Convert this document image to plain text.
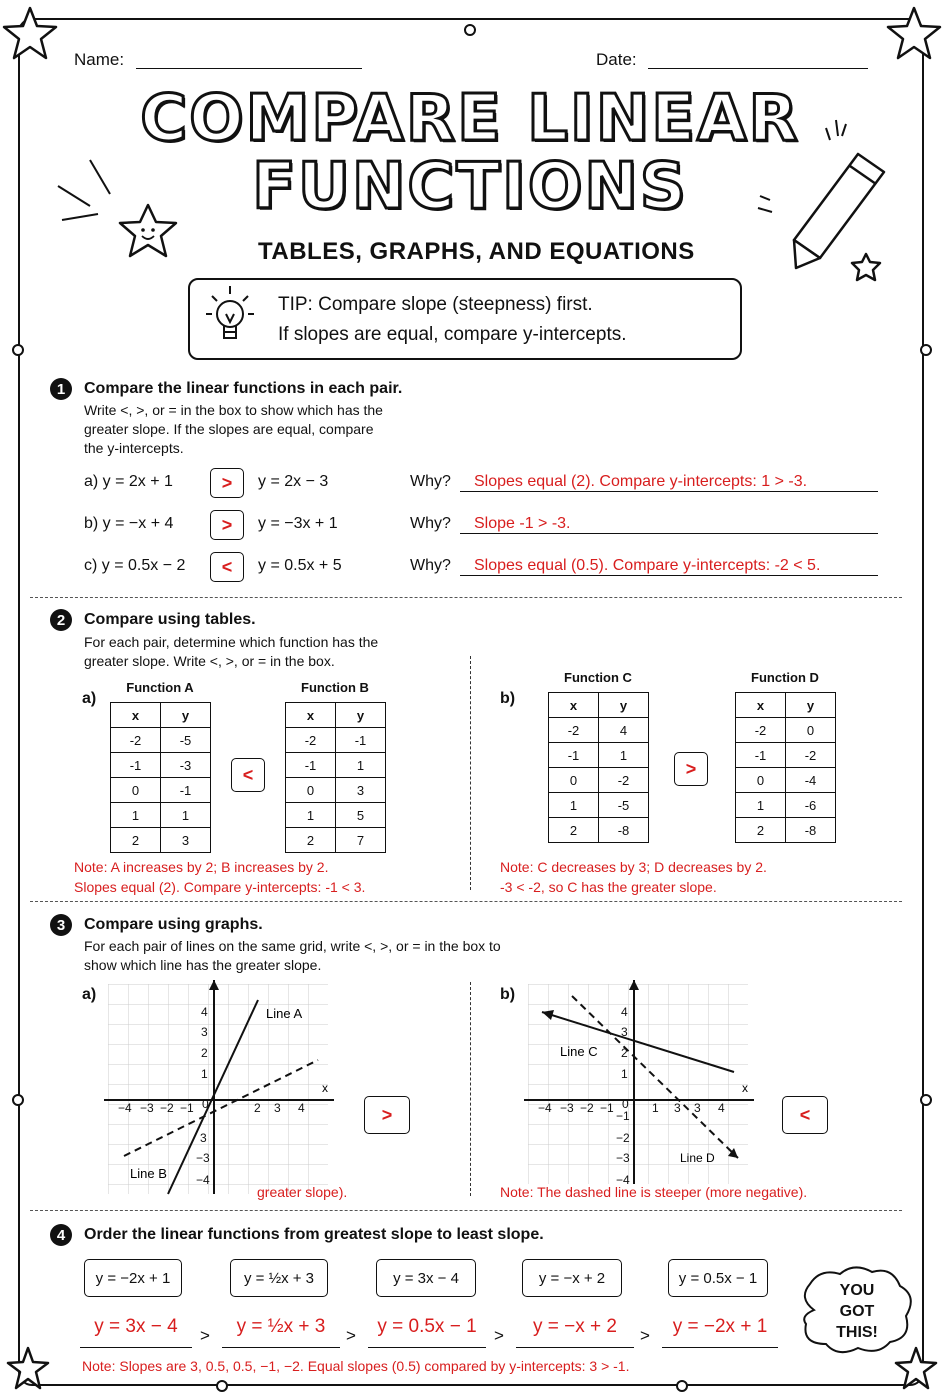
Name:	Date:
COMPARE LINEAR
FUNCTIONS
TABLES, GRAPHS, AND EQUATIONS
TIP: Compare slope (steepness) first.
If slopes are equal, compare y-intercepts.
1	Compare the linear functions in each pair.
Write <, >, or = in the box to show which has the
greater slope. If the slopes are equal, compare
the y-intercepts.
a) y = 2x + 1	>	y = 2x − 3	Why?	Slopes equal (2). Compare y-intercepts: 1 > -3.
b) y = −x + 4	>	y = −3x + 1	Why?	Slope -1 > -3.
c) y = 0.5x − 2	<	y = 0.5x + 5	Why?	Slopes equal (0.5). Compare y-intercepts: -2 < 5.
2	Compare using tables.
For each pair, determine which function has the
greater slope. Write <, >, or = in the box.
a)
Function A
x	y
-2	-5
-1	-3
0	-1
1	1
2	3
<
Function B
x	y
-2	-1
-1	1
0	3
1	5
2	7
Note: A increases by 2; B increases by 2.
Slopes equal (2). Compare y-intercepts: -1 < 3.
b)
Function C
x	y
-2	4
-1	1
0	-2
1	-5
2	-8
>
Function D
x	y
-2	0
-1	-2
0	-4
1	-6
2	-8
Note: C decreases by 3; D decreases by 2.
-3 < -2, so C has the greater slope.
3	Compare using graphs.
For each pair of lines on the same grid, write <, >, or = in the box to
show which line has the greater slope.
a)
−4 −3 −2 −1 0	2 3 4
4
3
2
1
3
−3
−4
Line A
Line B
x
greater slope).
>
b)
−4 −3 −2 −1 0 1 3 3 4
4
3
2
1
−1
−2
−3
−4
Line C
Line D
x
<
Note: The dashed line is steeper (more negative).
4	Order the linear functions from greatest slope to least slope.
y = −2x + 1	y = ½x + 3	y = 3x − 4	y = −x + 2	y = 0.5x − 1
y = 3x − 4	>	y = ½x + 3	>	y = 0.5x − 1	>	y = −x + 2	>	y = −2x + 1
Note: Slopes are 3, 0.5, 0.5, −1, −2. Equal slopes (0.5) compared by y-intercepts: 3 > -1.
YOU
GOT
THIS!
